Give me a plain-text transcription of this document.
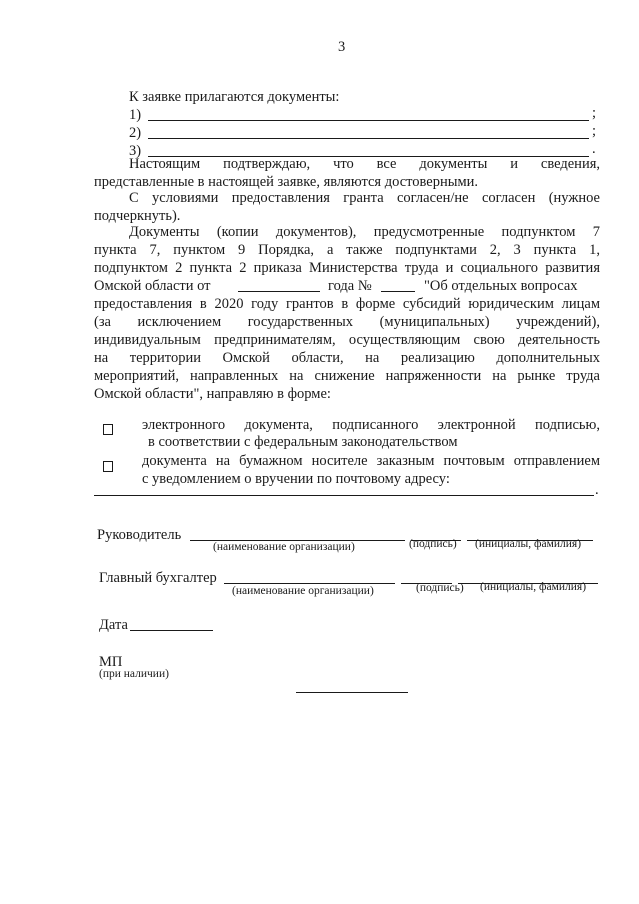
3
К заявке прилагаются документы:
1)	;
2)	;
3)	.
Настоящим подтверждаю, что все документы и сведения,
представленные в настоящей заявке, являются достоверными.
С условиями предоставления гранта согласен/не согласен (нужное
подчеркнуть).
Документы (копии документов), предусмотренные подпунктом 7
пункта 7, пунктом 9 Порядка, а также подпунктами 2, 3 пункта 1,
подпунктом 2 пункта 2 приказа Министерства труда и социального развития
Омской области от	года №	"Об отдельных вопросах
предоставления в 2020 году грантов в форме субсидий юридическим лицам
(за исключением государственных (муниципальных) учреждений),
индивидуальным предпринимателям, осуществляющим свою деятельность
на территории Омской области, на реализацию дополнительных
мероприятий, направленных на снижение напряженности на рынке труда
Омской области", направляю в форме:
электронного документа, подписанного электронной подписью,
в соответствии с федеральным законодательством
документа на бумажном носителе заказным почтовым отправлением
с уведомлением о вручении по почтовому адресу:
.
Руководитель
(наименование организации)	(подпись) (инициалы, фамилия)
Главный бухгалтер
(наименование организации)	(подпись) (инициалы, фамилия)
Дата
МП
(при наличии)
